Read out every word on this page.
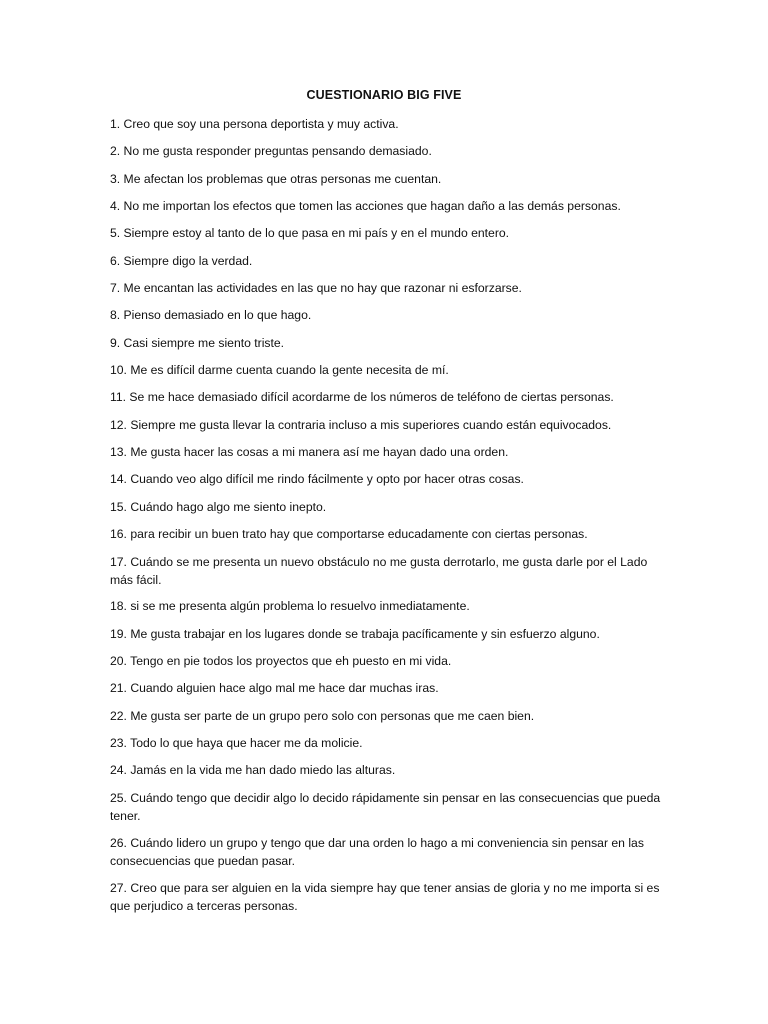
CUESTIONARIO BIG FIVE
1. Creo que soy una persona deportista y muy activa.
2. No me gusta responder preguntas pensando demasiado.
3. Me afectan los problemas que otras personas me cuentan.
4. No me importan los efectos que tomen las acciones que hagan daño a las demás personas.
5. Siempre estoy al tanto de lo que pasa en mi país y en el mundo entero.
6. Siempre digo la verdad.
7. Me encantan las actividades en las que no hay que razonar ni esforzarse.
8. Pienso demasiado en lo que hago.
9. Casi siempre me siento triste.
10. Me es difícil darme cuenta cuando la gente necesita de mí.
11. Se me hace demasiado difícil acordarme de los números de teléfono de ciertas personas.
12. Siempre me gusta llevar la contraria incluso a mis superiores cuando están equivocados.
13. Me gusta hacer las cosas a mi manera así me hayan dado una orden.
14. Cuando veo algo difícil me rindo fácilmente y opto por hacer otras cosas.
15. Cuándo hago algo me siento inepto.
16. para recibir un buen trato hay que comportarse educadamente con ciertas personas.
17. Cuándo se me presenta un nuevo obstáculo no me gusta derrotarlo, me gusta darle por el Lado más fácil.
18. si se me presenta algún problema lo resuelvo inmediatamente.
19. Me gusta trabajar en los lugares donde se trabaja pacíficamente y sin esfuerzo alguno.
20. Tengo en pie todos los proyectos que eh puesto en mi vida.
21. Cuando alguien hace algo mal me hace dar muchas iras.
22. Me gusta ser parte de un grupo pero solo con personas que me caen bien.
23. Todo lo que haya que hacer me da molicie.
24. Jamás en la vida me han dado miedo las alturas.
25. Cuándo tengo que decidir algo lo decido rápidamente sin pensar en las consecuencias que pueda tener.
26. Cuándo lidero un grupo y tengo que dar una orden lo hago a mi conveniencia sin pensar en las consecuencias que puedan pasar.
27. Creo que para ser alguien en la vida siempre hay que tener ansias de gloria y no me importa si es que perjudico a terceras personas.
